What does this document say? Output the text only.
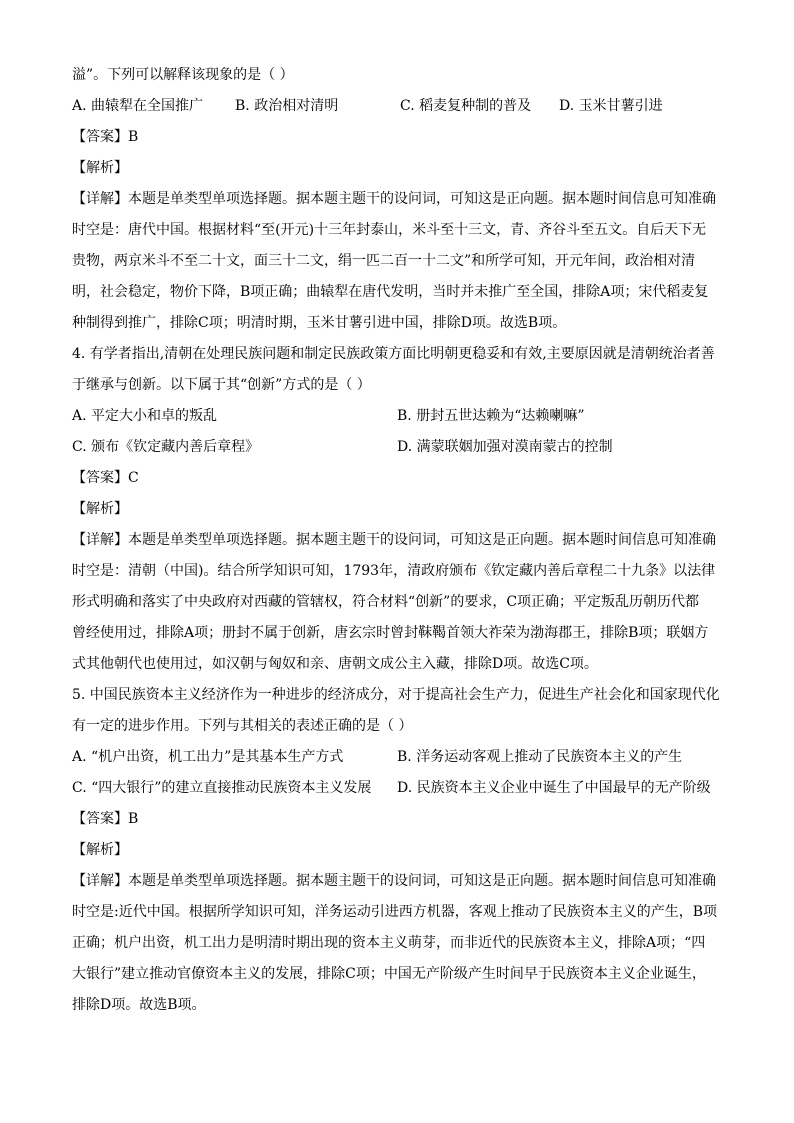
溢”。下列可以解释该现象的是（ ）
A. 曲辕犁在全国推广	B. 政治相对清明	C. 稻麦复种制的普及	D. 玉米甘薯引进
【答案】B
【解析】
【详解】本题是单类型单项选择题。据本题主题干的设问词，可知这是正向题。据本题时间信息可知准确
时空是：唐代中国。根据材料“至(开元)十三年封泰山，米斗至十三文，青、齐谷斗至五文。自后天下无
贵物，两京米斗不至二十文，面三十二文，绢一匹二百一十二文”和所学可知，开元年间，政治相对清
明，社会稳定，物价下降，B项正确；曲辕犁在唐代发明，当时并未推广至全国，排除A项；宋代稻麦复
种制得到推广，排除C项；明清时期，玉米甘薯引进中国，排除D项。故选B项。
4. 有学者指出,清朝在处理民族问题和制定民族政策方面比明朝更稳妥和有效,主要原因就是清朝统治者善
于继承与创新。以下属于其“创新”方式的是（ ）
A. 平定大小和卓的叛乱	B. 册封五世达赖为“达赖喇嘛”
C. 颁布《钦定藏内善后章程》	D. 满蒙联姻加强对漠南蒙古的控制
【答案】C
【解析】
【详解】本题是单类型单项选择题。据本题主题干的设问词，可知这是正向题。据本题时间信息可知准确
时空是：清朝（中国)。结合所学知识可知，1793年，清政府颁布《钦定藏内善后章程二十九条》以法律
形式明确和落实了中央政府对西藏的管辖权，符合材料“创新”的要求，C项正确；平定叛乱历朝历代都
曾经使用过，排除A项；册封不属于创新，唐玄宗时曾封靺鞨首领大祚荣为渤海郡王，排除B项；联姻方
式其他朝代也使用过，如汉朝与匈奴和亲、唐朝文成公主入藏，排除D项。故选C项。
5. 中国民族资本主义经济作为一种进步的经济成分，对于提高社会生产力，促进生产社会化和国家现代化
有一定的进步作用。下列与其相关的表述正确的是（ ）
A. “机户出资，机工出力”是其基本生产方式	B. 洋务运动客观上推动了民族资本主义的产生
C. “四大银行”的建立直接推动民族资本主义发展	D. 民族资本主义企业中诞生了中国最早的无产阶级
【答案】B
【解析】
【详解】本题是单类型单项选择题。据本题主题干的设问词，可知这是正向题。据本题时间信息可知准确
时空是:近代中国。根据所学知识可知，洋务运动引进西方机器，客观上推动了民族资本主义的产生，B项
正确；机户出资，机工出力是明清时期出现的资本主义萌芽，而非近代的民族资本主义，排除A项；“四
大银行”建立推动官僚资本主义的发展，排除C项；中国无产阶级产生时间早于民族资本主义企业诞生，
排除D项。故选B项。
